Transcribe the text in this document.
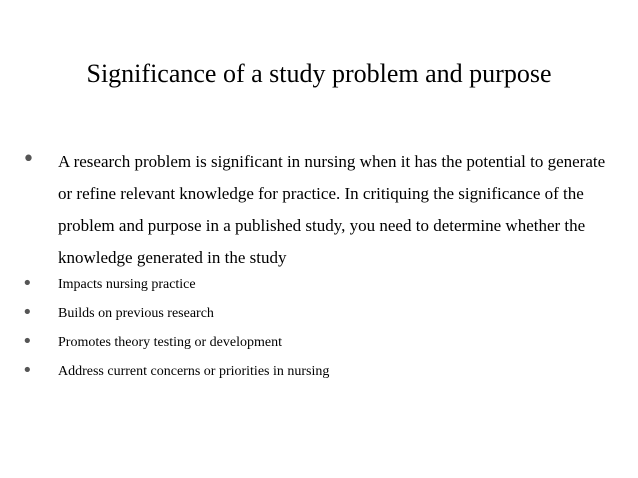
Significance of a study problem and purpose
• A research problem is significant in nursing when it has the potential to generate or refine relevant knowledge for practice. In critiquing the significance of the problem and purpose in a published study, you need to determine whether the knowledge generated in the study
• Impacts nursing practice
• Builds on previous research
• Promotes theory testing or development
• Address current concerns or priorities in nursing
